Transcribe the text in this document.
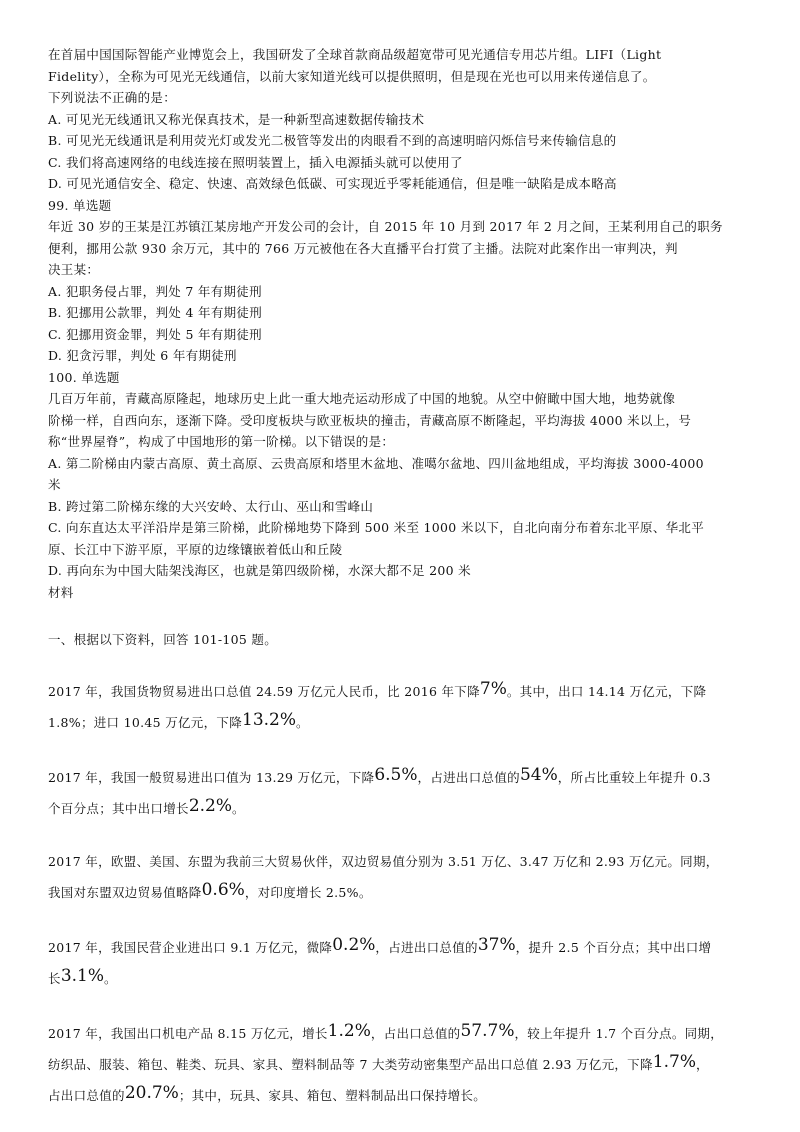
在首届中国国际智能产业博览会上，我国研发了全球首款商品级超宽带可见光通信专用芯片组。LIFI（Light
Fidelity），全称为可见光无线通信，以前大家知道光线可以提供照明，但是现在光也可以用来传递信息了。
下列说法不正确的是：
A. 可见光无线通讯又称光保真技术，是一种新型高速数据传输技术
B. 可见光无线通讯是利用荧光灯或发光二极管等发出的肉眼看不到的高速明暗闪烁信号来传输信息的
C. 我们将高速网络的电线连接在照明装置上，插入电源插头就可以使用了
D. 可见光通信安全、稳定、快速、高效绿色低碳、可实现近乎零耗能通信，但是唯一缺陷是成本略高
99. 单选题
年近 30 岁的王某是江苏镇江某房地产开发公司的会计，自 2015 年 10 月到 2017 年 2 月之间，王某利用自己的职务
便利，挪用公款 930 余万元，其中的 766 万元被他在各大直播平台打赏了主播。法院对此案作出一审判决，判
决王某：
A. 犯职务侵占罪，判处 7 年有期徒刑
B. 犯挪用公款罪，判处 4 年有期徒刑
C. 犯挪用资金罪，判处 5 年有期徒刑
D. 犯贪污罪，判处 6 年有期徒刑
100. 单选题
几百万年前，青藏高原隆起，地球历史上此一重大地壳运动形成了中国的地貌。从空中俯瞰中国大地，地势就像
阶梯一样，自西向东，逐渐下降。受印度板块与欧亚板块的撞击，青藏高原不断隆起，平均海拔 4000 米以上，号
称“世界屋脊”，构成了中国地形的第一阶梯。以下错误的是：
A. 第二阶梯由内蒙古高原、黄土高原、云贵高原和塔里木盆地、准噶尔盆地、四川盆地组成，平均海拔 3000-4000
米
B. 跨过第二阶梯东缘的大兴安岭、太行山、巫山和雪峰山
C. 向东直达太平洋沿岸是第三阶梯，此阶梯地势下降到 500 米至 1000 米以下，自北向南分布着东北平原、华北平
原、长江中下游平原，平原的边缘镶嵌着低山和丘陵
D. 再向东为中国大陆架浅海区，也就是第四级阶梯，水深大都不足 200 米
材料
一、根据以下资料，回答 101-105 题。
2017 年，我国货物贸易进出口总值 24.59 万亿元人民币，比 2016 年下降7%。其中，出口 14.14 万亿元，下降
1.8%；进口 10.45 万亿元，下降13.2%。
2017 年，我国一般贸易进出口值为 13.29 万亿元，下降6.5%，占进出口总值的54%，所占比重较上年提升 0.3
个百分点；其中出口增长2.2%。
2017 年，欧盟、美国、东盟为我前三大贸易伙伴，双边贸易值分别为 3.51 万亿、3.47 万亿和 2.93 万亿元。同期，
我国对东盟双边贸易值略降0.6%，对印度增长 2.5%。
2017 年，我国民营企业进出口 9.1 万亿元，微降0.2%，占进出口总值的37%，提升 2.5 个百分点；其中出口增
长3.1%。
2017 年，我国出口机电产品 8.15 万亿元，增长1.2%，占出口总值的57.7%，较上年提升 1.7 个百分点。同期，
纺织品、服装、箱包、鞋类、玩具、家具、塑料制品等 7 大类劳动密集型产品出口总值 2.93 万亿元，下降1.7%，
占出口总值的20.7%；其中，玩具、家具、箱包、塑料制品出口保持增长。
